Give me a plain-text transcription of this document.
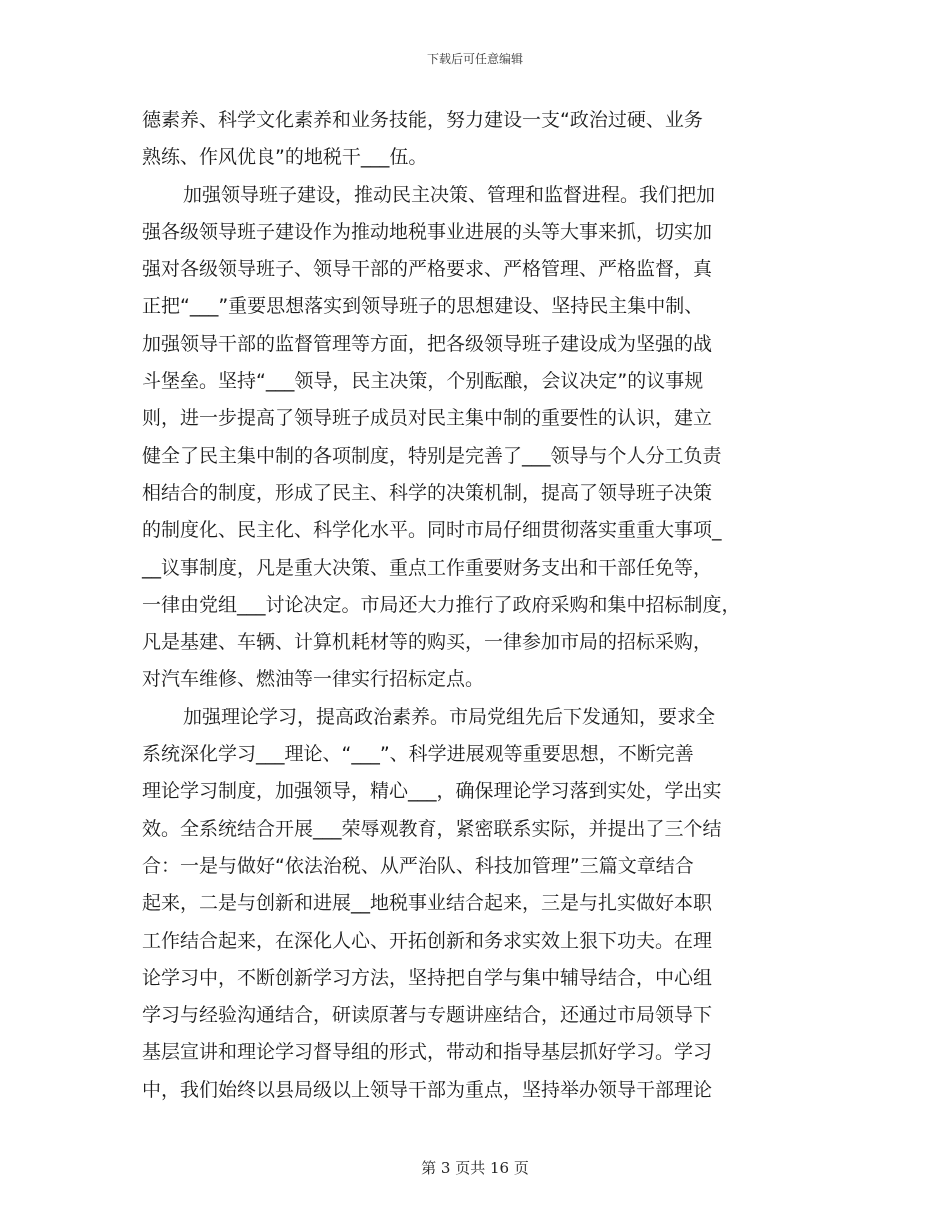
下载后可任意编辑
德素养、科学文化素养和业务技能，努力建设一支“政治过硬、业务
熟练、作风优良”的地税干___伍。
加强领导班子建设，推动民主决策、管理和监督进程。我们把加
强各级领导班子建设作为推动地税事业进展的头等大事来抓，切实加
强对各级领导班子、领导干部的严格要求、严格管理、严格监督，真
正把“___”重要思想落实到领导班子的思想建设、坚持民主集中制、
加强领导干部的监督管理等方面，把各级领导班子建设成为坚强的战
斗堡垒。坚持“___领导，民主决策，个别酝酿，会议决定”的议事规
则，进一步提高了领导班子成员对民主集中制的重要性的认识，建立
健全了民主集中制的各项制度，特别是完善了___领导与个人分工负责
相结合的制度，形成了民主、科学的决策机制，提高了领导班子决策
的制度化、民主化、科学化水平。同时市局仔细贯彻落实重重大事项_
__议事制度，凡是重大决策、重点工作重要财务支出和干部任免等，
一律由党组___讨论决定。市局还大力推行了政府采购和集中招标制度，
凡是基建、车辆、计算机耗材等的购买，一律参加市局的招标采购，
对汽车维修、燃油等一律实行招标定点。
加强理论学习，提高政治素养。市局党组先后下发通知，要求全
系统深化学习___理论、“___”、科学进展观等重要思想，不断完善
理论学习制度，加强领导，精心___，确保理论学习落到实处，学出实
效。全系统结合开展___荣辱观教育，紧密联系实际，并提出了三个结
合：一是与做好“依法治税、从严治队、科技加管理”三篇文章结合
起来，二是与创新和进展__地税事业结合起来，三是与扎实做好本职
工作结合起来，在深化人心、开拓创新和务求实效上狠下功夫。在理
论学习中，不断创新学习方法，坚持把自学与集中辅导结合，中心组
学习与经验沟通结合，研读原著与专题讲座结合，还通过市局领导下
基层宣讲和理论学习督导组的形式，带动和指导基层抓好学习。学习
中，我们始终以县局级以上领导干部为重点，坚持举办领导干部理论
第 3 页共 16 页
